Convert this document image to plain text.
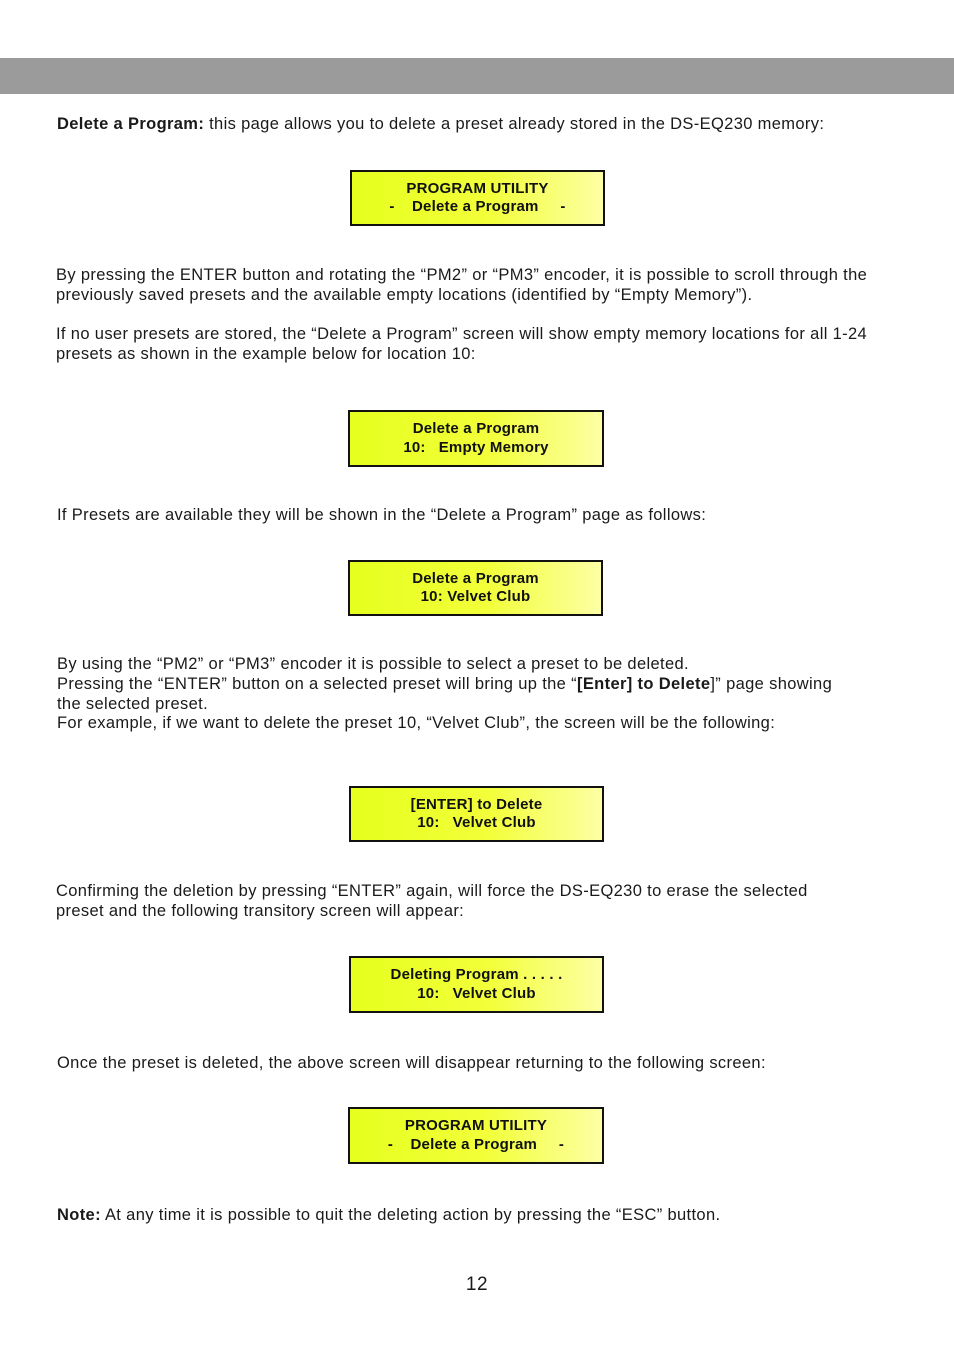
Delete a Program: this page allows you to delete a preset already stored in the DS-EQ230 memory:

PROGRAM UTILITY
-    Delete a Program     -

By pressing the ENTER button and rotating the “PM2” or “PM3” encoder, it is possible to scroll through the previously saved presets and the available empty locations (identified by “Empty Memory”).

If no user presets are stored, the “Delete a Program” screen will show empty memory locations for all 1-24 presets as shown in the example below for location 10:

Delete a Program
10:   Empty Memory

If Presets are available they will be shown in the “Delete a Program” page as follows:

Delete a Program
10: Velvet Club

By using the “PM2” or “PM3” encoder it is possible to select a preset to be deleted.

Pressing the “ENTER” button on a selected preset will bring up the “[Enter] to Delete]” page showing the selected preset.

For example, if we want to delete the preset 10, “Velvet Club”, the screen will be the following:

[ENTER] to Delete
10:   Velvet Club

Confirming the deletion by pressing “ENTER” again, will force the DS-EQ230 to erase the selected preset and the following transitory screen will appear:

Deleting Program . . . . .
10:   Velvet Club

Once the preset is deleted, the above screen will disappear returning to the following screen:

PROGRAM UTILITY
-    Delete a Program     -

Note: At any time it is possible to quit the deleting action by pressing the “ESC” button.

12
